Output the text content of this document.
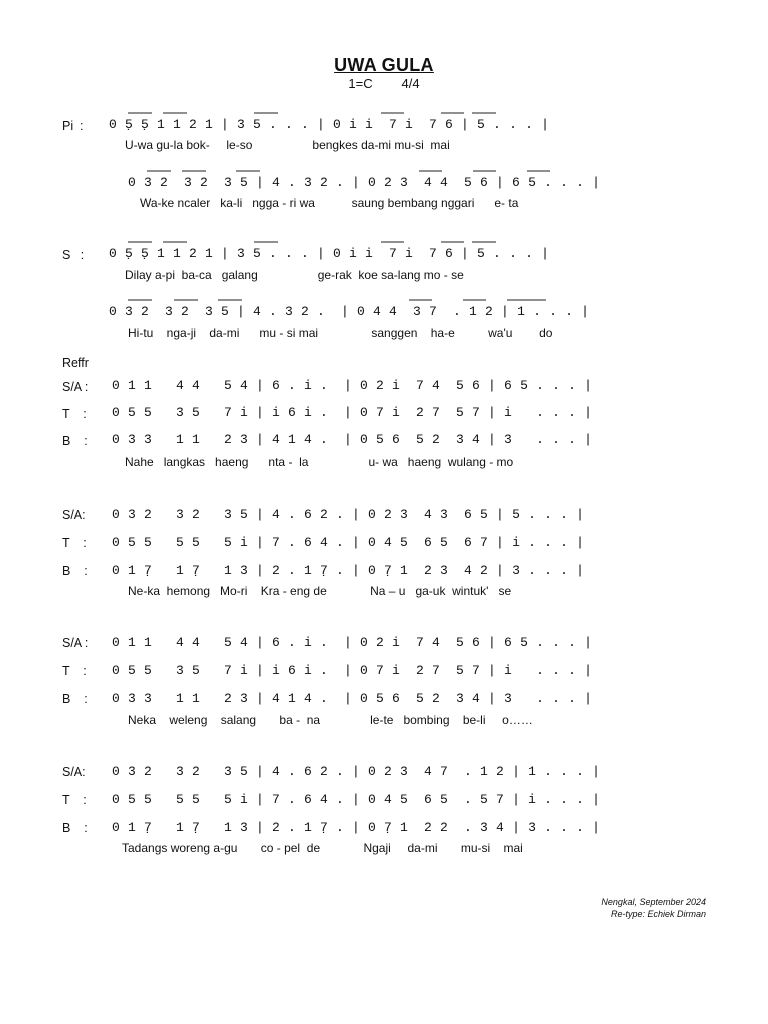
UWA GULA
1=C        4/4
Pi  : 0 5̣ 5̣ 1 1 2 1 | 3 5 . . . | 0 i i  7 i  7 6 | 5 . . . |
U-wa gu-la bok-     le-so                  bengkes da-mi mu-si  mai
0 3 2  3 2  3 5 | 4 . 3 2 . | 0 2 3  4 4  5 6 | 6 5 . . . |
Wa-ke ncaler   ka-li   ngga - ri wa           saung bembang nggari      e- ta
S   : 0 5̣ 5̣ 1 1 2 1 | 3 5 . . . | 0 i i  7 i  7 6 | 5 . . . |
Dilay a-pi  ba-ca   galang                  ge-rak  koe sa-lang mo - se
0 3 2  3 2  3 5 | 4 . 3 2 .  | 0 4 4  3 7  . 1 2 | 1 . . . |
Hi-tu    nga-ji    da-mi      mu - si mai                sanggen    ha-e          wa'u        do
Reffr
S/A : 0 1 1   4 4   5 4 | 6 . i .  | 0 2 i  7 4  5 6 | 6 5 . . . |
T    : 0 5 5   3 5   7 i | i 6 i .  | 0 7 i  2 7  5 7 | i   . . . |
B    : 0 3 3   1 1   2 3 | 4 1 4 .  | 0 5 6  5 2  3 4 | 3   . . . |
Nahe   langkas   haeng      nta -  la                  u- wa   haeng  wulang - mo
S/A: 0 3 2   3 2   3 5 | 4 . 6 2 . | 0 2 3  4 3  6 5 | 5 . . . |
T    : 0 5 5   5 5   5 i | 7 . 6 4 . | 0 4 5  6 5  6 7 | i . . . |
B    : 0 1 7̣   1 7̣   1 3 | 2 . 1 7̣ . | 0 7̣ 1  2 3  4 2 | 3 . . . |
Ne-ka  hemong   Mo-ri    Kra - eng de             Na – u   ga-uk  wintuk'   se
S/A : 0 1 1   4 4   5 4 | 6 . i .  | 0 2 i  7 4  5 6 | 6 5 . . . |
T    : 0 5 5   3 5   7 i | i 6 i .  | 0 7 i  2 7  5 7 | i   . . . |
B    : 0 3 3   1 1   2 3 | 4 1 4 .  | 0 5 6  5 2  3 4 | 3   . . . |
Neka    weleng    salang       ba -  na               le-te   bombing    be-li     o……
S/A: 0 3 2   3 2   3 5 | 4 . 6 2 . | 0 2 3  4 7  . 1 2 | 1 . . . |
T    : 0 5 5   5 5   5 i | 7 . 6 4 . | 0 4 5  6 5  . 5 7 | i . . . |
B    : 0 1 7̣   1 7̣   1 3 | 2 . 1 7̣ . | 0 7̣ 1  2 2  . 3 4 | 3 . . . |
Tadangs woreng a-gu       co - pel  de             Ngaji     da-mi       mu-si    mai
Nengkal, September 2024
Re-type: Echiek Dirman
